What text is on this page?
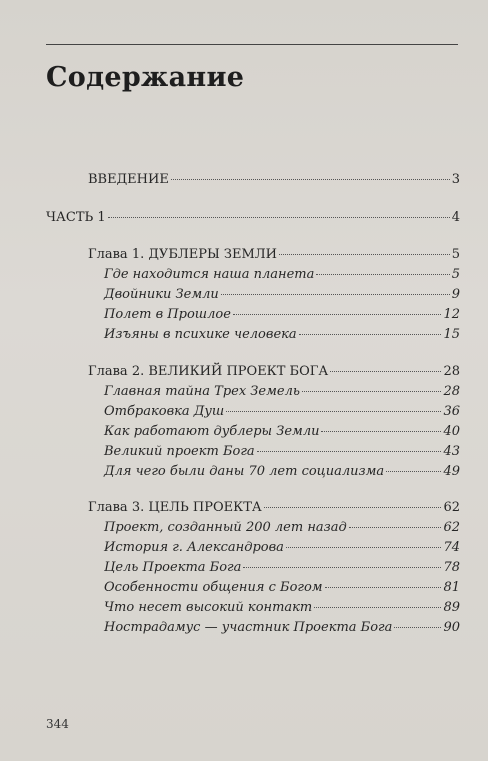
Содержание
ВВЕДЕНИЕ	3
ЧАСТЬ 1	4
Глава 1. ДУБЛЕРЫ ЗЕМЛИ	5
Где находится наша планета	5
Двойники Земли	9
Полет в Прошлое	12
Изъяны в психике человека	15
Глава 2. ВЕЛИКИЙ ПРОЕКТ БОГА	28
Главная тайна Трех Земель	28
Отбраковка Душ	36
Как работают дублеры Земли	40
Великий проект Бога	43
Для чего были даны 70 лет социализма	49
Глава 3. ЦЕЛЬ ПРОЕКТА	62
Проект, созданный 200 лет назад	62
История г. Александрова	74
Цель Проекта Бога	78
Особенности общения с Богом	81
Что несет высокий контакт	89
Нострадамус — участник Проекта Бога	90
344
